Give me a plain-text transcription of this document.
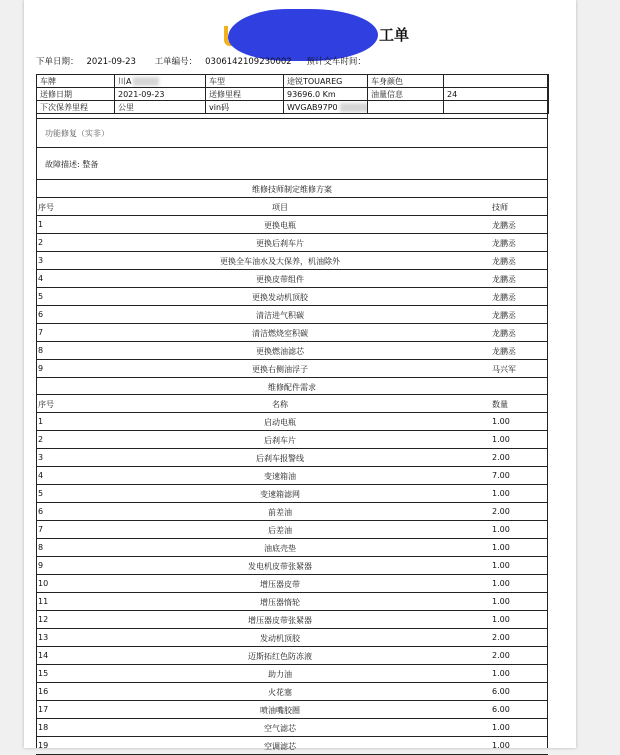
工单
下单日期： 2021-09-23 工单编号： 0306142109230002 预计交车时间：
车牌	川A	车型	途锐TOUAREG	车身颜色	
送修日期	2021-09-23	送修里程	93696.0 Km	油量信息	24
下次保养里程	公里	vin码	WVGAB97P0		
功能修复（实非）
故障描述: 整备
维修技师制定维修方案
序号	项目	技师
1	更换电瓶	龙鹏丞
2	更换后刹车片	龙鹏丞
3	更换全车油水及大保养，机油除外	龙鹏丞
4	更换皮带组件	龙鹏丞
5	更换发动机顶胶	龙鹏丞
6	清洁进气积碳	龙鹏丞
7	清洁燃烧室积碳	龙鹏丞
8	更换燃油滤芯	龙鹏丞
9	更换右侧油浮子	马兴军
维修配件需求
序号	名称	数量
1	启动电瓶	1.00
2	后刹车片	1.00
3	后刹车报警线	2.00
4	变速箱油	7.00
5	变速箱滤网	1.00
6	前差油	2.00
7	后差油	1.00
8	油底壳垫	1.00
9	发电机皮带张紧器	1.00
10	增压器皮带	1.00
11	增压器惰轮	1.00
12	增压器皮带张紧器	1.00
13	发动机顶胶	2.00
14	迈斯拓红色防冻液	2.00
15	助力油	1.00
16	火花塞	6.00
17	喷油嘴胶圈	6.00
18	空气滤芯	1.00
19	空调滤芯	1.00
